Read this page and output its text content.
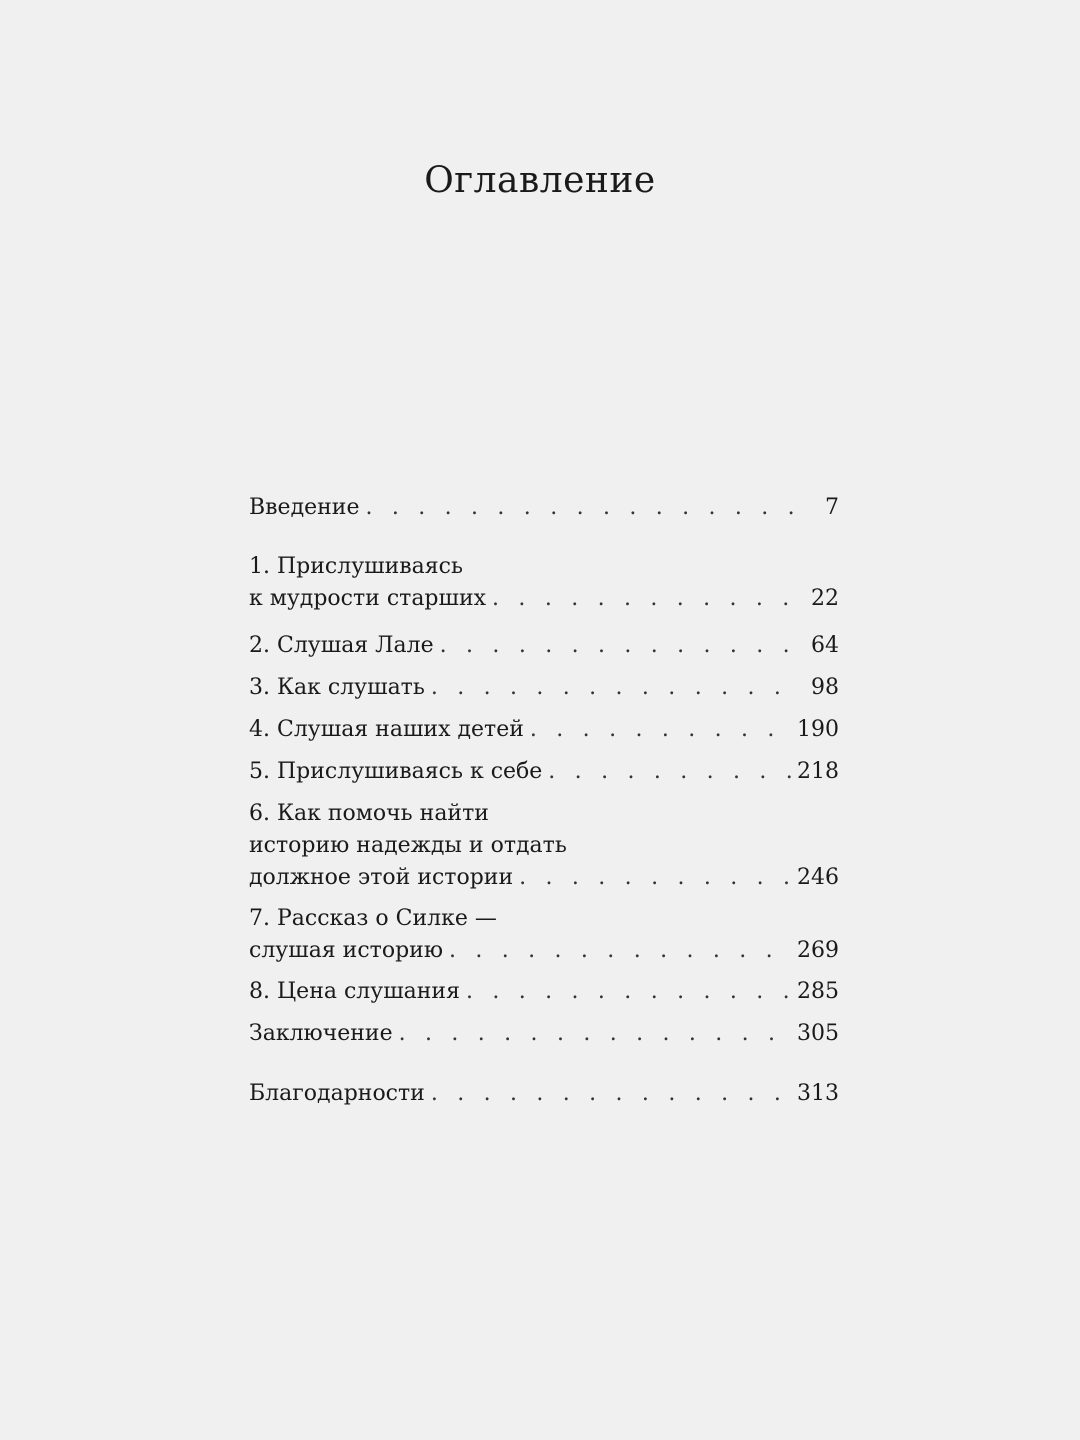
Оглавление
Введение . . .	7
1. Прислушиваясь
к мудрости старших . . .	22
2. Слушая Лале . . .	64
3. Как слушать . . .	98
4. Слушая наших детей . . .	190
5. Прислушиваясь к себе . . .	218
6. Как помочь найти
историю надежды и отдать
должное этой истории . . .	246
7. Рассказ о Силке —
слушая историю . . .	269
8. Цена слушания . . .	285
Заключение . . .	305
Благодарности . . .	313
